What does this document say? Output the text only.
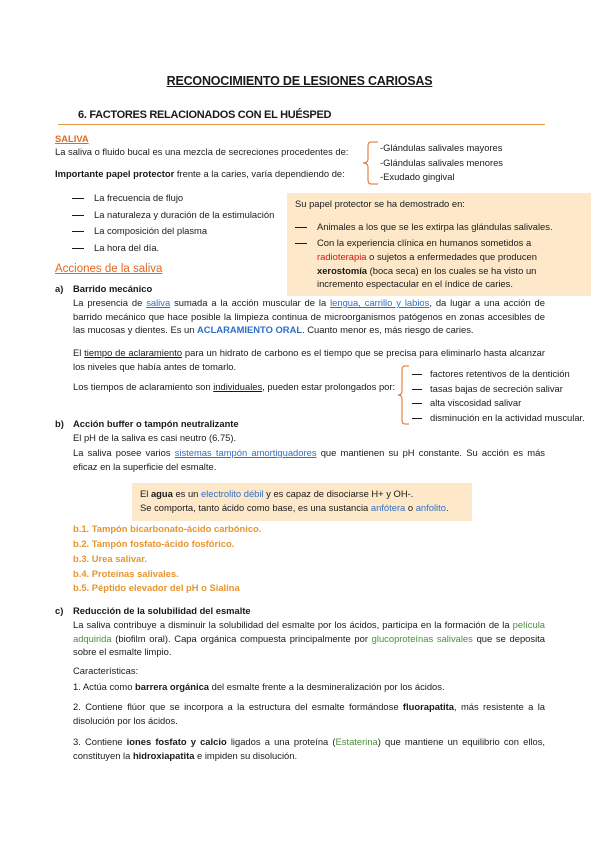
RECONOCIMIENTO DE LESIONES CARIOSAS
6. FACTORES RELACIONADOS CON EL HUÉSPED
SALIVA
La saliva o fluido bucal es una mezcla de secreciones procedentes de:	-Glándulas salivales mayores
-Glándulas salivales menores
-Exudado gingival
Importante papel protector frente a la caries, varía dependiendo de:
La frecuencia de flujo
La naturaleza y duración de la estimulación
La composición del plasma
La hora del día.
Su papel protector se ha demostrado en:
Animales a los que se les extirpa las glándulas salivales.
Con la experiencia clínica en humanos sometidos a radioterapia o sujetos a enfermedades que producen xerostomía (boca seca) en los cuales se ha visto un incremento espectacular en el índice de caries.
Acciones de la saliva
a) Barrido mecánico
La presencia de saliva sumada a la acción muscular de la lengua, carrillo y labios, da lugar a una acción de barrido mecánico que hace posible la limpieza continua de microorganismos patógenos en zonas accesibles de las mucosas y dientes. Es un ACLARAMIENTO ORAL. Cuanto menor es, más riesgo de caries.
El tiempo de aclaramiento para un hidrato de carbono es el tiempo que se precisa para eliminarlo hasta alcanzar los niveles que había antes de tomarlo.
Los tiempos de aclaramiento son individuales, pueden estar prolongados por:
factores retentivos de la dentición
tasas bajas de secreción salivar
alta viscosidad salivar
disminución en la actividad muscular.
b) Acción buffer o tampón neutralizante
El pH de la saliva es casi neutro (6.75).
La saliva posee varios sistemas tampón amortiguadores que mantienen su pH constante. Su acción es más eficaz en la superficie del esmalte.
El agua es un electrolito débil y es capaz de disociarse H+ y OH-.
Se comporta, tanto ácido como base, es una sustancia anfótera o anfolito.
b.1. Tampón bicarbonato-ácido carbónico.
b.2. Tampón fosfato-ácido fosfórico.
b.3. Urea salivar.
b.4. Proteínas salivales.
b.5. Péptido elevador del pH o Sialina
c) Reducción de la solubilidad del esmalte
La saliva contribuye a disminuir la solubilidad del esmalte por los ácidos, participa en la formación de la película adquirida (biofilm oral). Capa orgánica compuesta principalmente por glucoproteínas salivales que se deposita sobre el esmalte limpio.
Características:
1. Actúa como barrera orgánica del esmalte frente a la desmineralización por los ácidos.
2. Contiene flúor que se incorpora a la estructura del esmalte formándose fluorapatita, más resistente a la disolución por los ácidos.
3. Contiene iones fosfato y calcio ligados a una proteína (Estaterina) que mantiene un equilibrio con ellos, constituyen la hidroxiapatita e impiden su disolución.
